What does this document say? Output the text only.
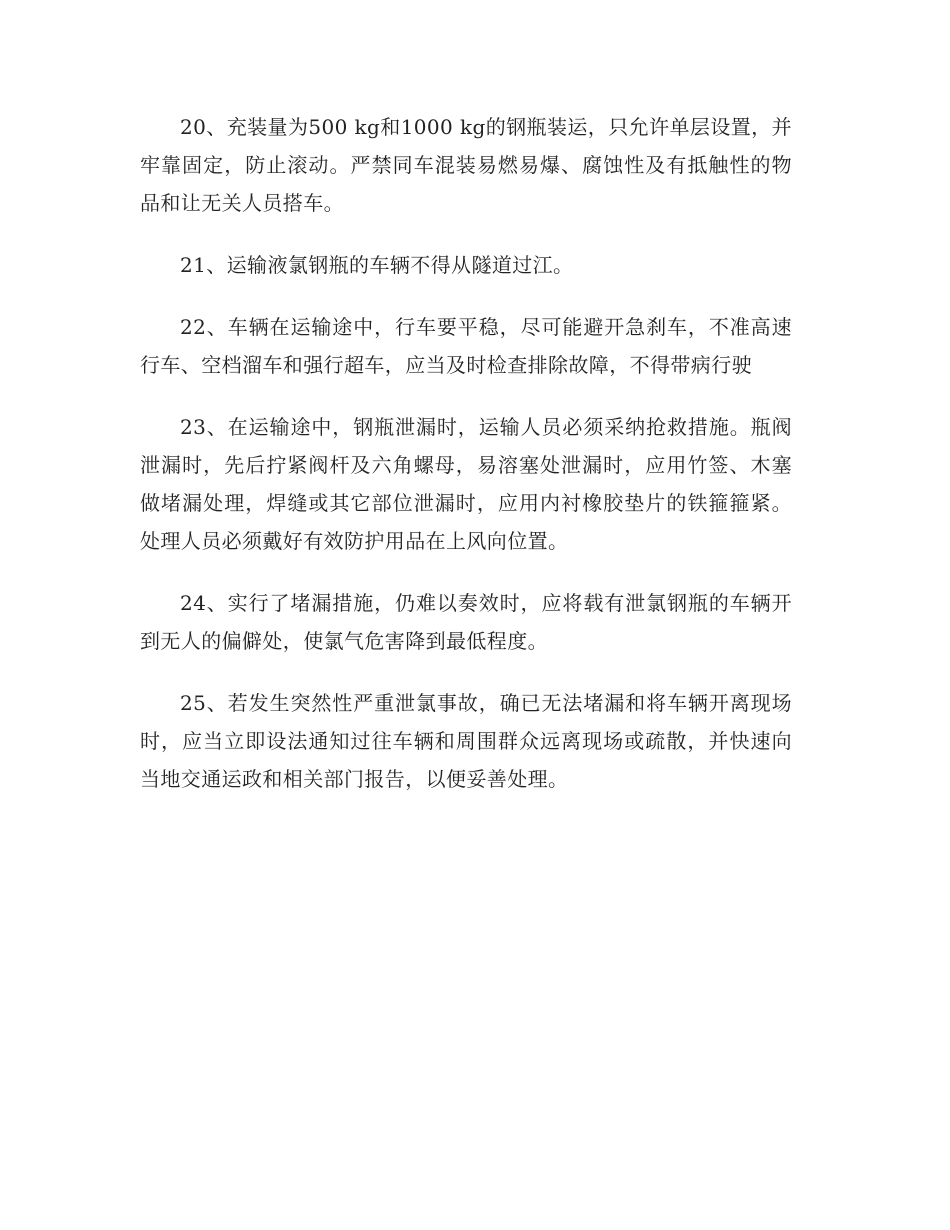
20、充装量为500 kg和1000 kg的钢瓶装运，只允许单层设置，并牢靠固定，防止滚动。严禁同车混装易燃易爆、腐蚀性及有抵触性的物品和让无关人员搭车。

21、运输液氯钢瓶的车辆不得从隧道过江。

22、车辆在运输途中，行车要平稳，尽可能避开急刹车，不准高速行车、空档溜车和强行超车，应当及时检查排除故障，不得带病行驶

23、在运输途中，钢瓶泄漏时，运输人员必须采纳抢救措施。瓶阀泄漏时，先后拧紧阀杆及六角螺母，易溶塞处泄漏时，应用竹签、木塞做堵漏处理，焊缝或其它部位泄漏时，应用内衬橡胶垫片的铁箍箍紧。处理人员必须戴好有效防护用品在上风向位置。

24、实行了堵漏措施，仍难以奏效时，应将载有泄氯钢瓶的车辆开到无人的偏僻处，使氯气危害降到最低程度。

25、若发生突然性严重泄氯事故，确已无法堵漏和将车辆开离现场时，应当立即设法通知过往车辆和周围群众远离现场或疏散，并快速向当地交通运政和相关部门报告，以便妥善处理。
